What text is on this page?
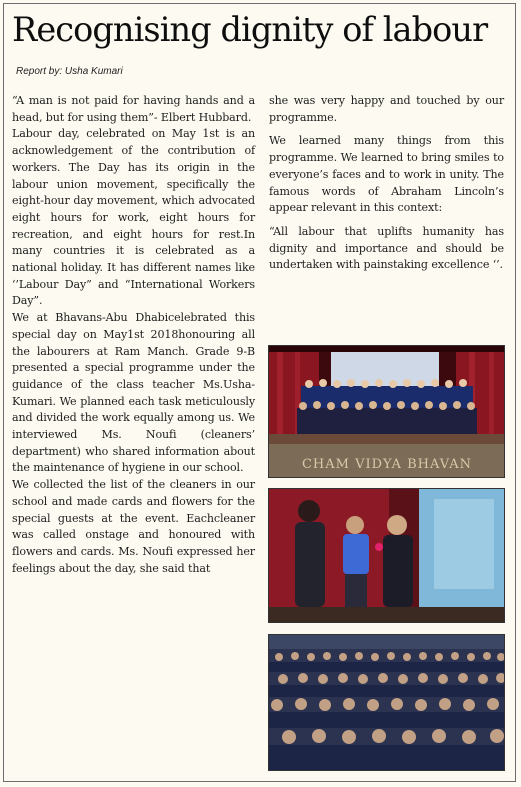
Recognising dignity of labour

Report by: Usha Kumari

“A man is not paid for having hands and a head, but for using them”- Elbert Hubbard.

Labour day, celebrated on May 1st is an acknowledgement of the contribution of workers. The Day has its origin in the labour union movement, specifically the eight-hour day movement, which advocated eight hours for work, eight hours for recreation, and eight hours for rest.In many countries it is celebrated as a national holiday. It has different names like ‘’Labour Day” and “International Workers Day”.

We at Bhavans-Abu Dhabicelebrated this special day on May1st 2018honouring all the labourers at Ram Manch. Grade 9-B presented a special programme under the guidance of the class teacher Ms.Usha-Kumari. We planned each task meticulously and divided the work equally among us. We interviewed Ms. Noufi (cleaners’ department) who shared information about the maintenance of hygiene in our school.

We collected the list of the cleaners in our school and made cards and flowers for the special guests at the event. Eachcleaner was called onstage and honoured with flowers and cards. Ms. Noufi expressed her feelings about the day, she said that

she was very happy and touched by our programme.

We learned many things from this programme. We learned to bring smiles to everyone’s faces and to work in unity. The famous words of Abraham Lincoln’s appear relevant in this context:

“All labour that uplifts humanity has dignity and importance and should be undertaken with painstaking excellence ‘’.

CHAM VIDYA BHAVAN
